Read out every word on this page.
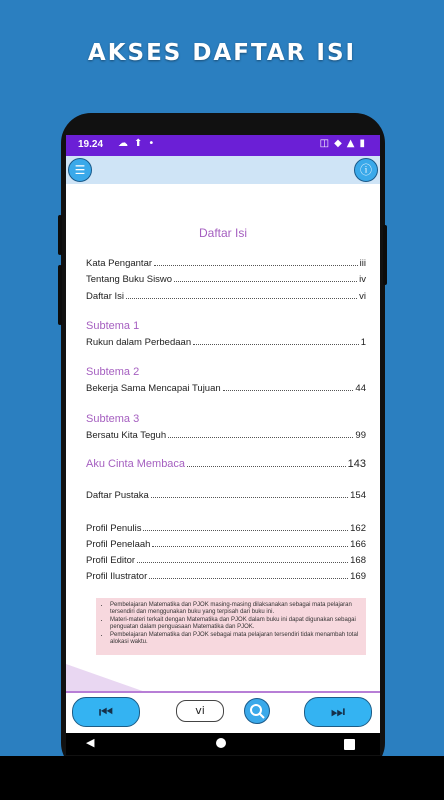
AKSES DAFTAR ISI
19.24 ☁⬆•	◫◆▲▮
☰	ⓘ
Daftar Isi
Kata Pengantar	iii
Tentang Buku Siswo	iv
Daftar Isi	vi
Subtema 1
Rukun dalam Perbedaan	1
Subtema 2
Bekerja Sama Mencapai Tujuan	44
Subtema 3
Bersatu Kita Teguh	99
Aku Cinta Membaca	143
Daftar Pustaka	154
Profil Penulis	162
Profil Penelaah	166
Profil Editor	168
Profil Ilustrator	169
• Pembelajaran Matematika dan PJOK masing-masing dilaksanakan sebagai mata pelajaran tersendiri dan menggunakan buku yang terpisah dari buku ini.
• Materi-materi terkait dengan Matematika dan PJOK dalam buku ini dapat digunakan sebagai penguatan dalam penguasaan Matematika dan PJOK.
• Pembelajaran Matematika dan PJOK sebagai mata pelajaran tersendiri tidak menambah total alokasi waktu.
⏮	vi	⏭
◀
